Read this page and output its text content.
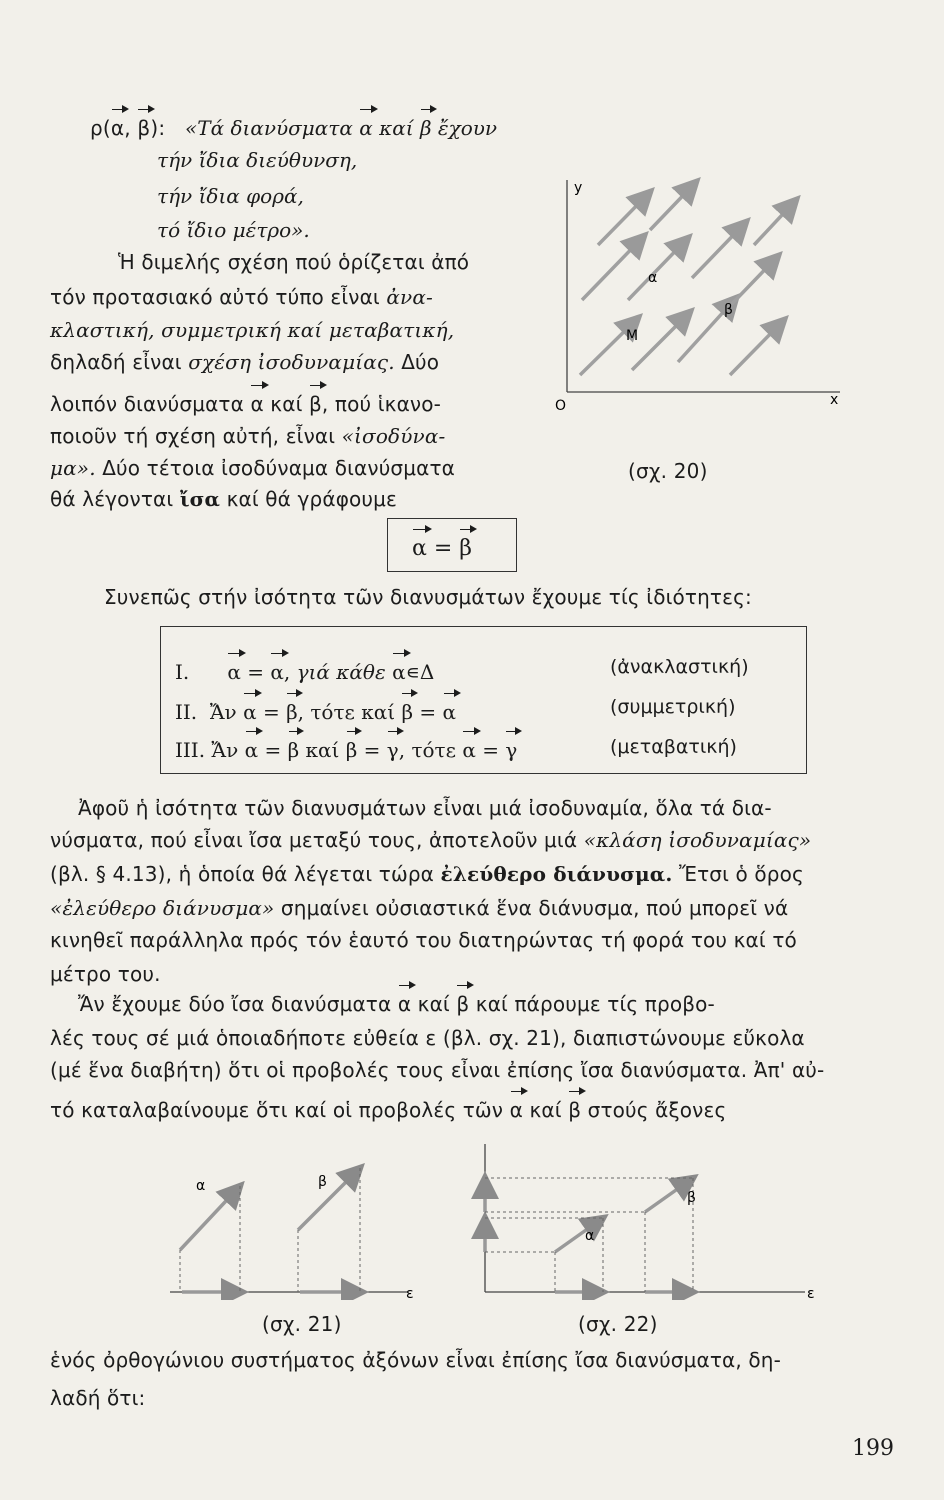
ρ(α, β): «Τά διανύσματα α καί β ἔχουν
τήν ἴδια διεύθυνση,
τήν ἴδια φορά,
τό ἴδιο μέτρο».
Ἡ διμελής σχέση πού ὁρίζεται ἀπό
τόν προτασιακό αὐτό τύπο εἶναι ἀνα-
κλαστική, συμμετρική καί μεταβατική,
δηλαδή εἶναι σχέση ἰσοδυναμίας. Δύο
λοιπόν διανύσματα α καί β, πού ἱκανο-
ποιοῦν τή σχέση αὐτή, εἶναι «ἰσοδύνα-
μα». Δύο τέτοια ἰσοδύναμα διανύσματα
θά λέγονται ἴσα καί θά γράφουμε
α = β
y
x
O
M
α
β
(σχ. 20)
Συνεπῶς στήν ἰσότητα τῶν διανυσμάτων ἔχουμε τίς ἰδιότητες:
I.      α = α, γιά κάθε α∊Δ	(ἀνακλαστική)
II.  Ἄν α = β, τότε καί β = α	(συμμετρική)
III. Ἄν α = β καί β = γ, τότε α = γ	(μεταβατική)
Ἀφοῦ ἡ ἰσότητα τῶν διανυσμάτων εἶναι μιά ἰσοδυναμία, ὅλα τά δια-
νύσματα, πού εἶναι ἴσα μεταξύ τους, ἀποτελοῦν μιά «κλάση ἰσοδυναμίας»
(βλ. § 4.13), ἡ ὁποία θά λέγεται τώρα ἐλεύθερο διάνυσμα. Ἔτσι ὁ ὅρος
«ἐλεύθερο διάνυσμα» σημαίνει οὐσιαστικά ἕνα διάνυσμα, πού μπορεῖ νά
κινηθεῖ παράλληλα πρός τόν ἑαυτό του διατηρώντας τή φορά του καί τό
μέτρο του.
Ἄν ἔχουμε δύο ἴσα διανύσματα α καί β καί πάρουμε τίς προβο-
λές τους σέ μιά ὁποιαδήποτε εὐθεία ε (βλ. σχ. 21), διαπιστώνουμε εὔκολα
(μέ ἕνα διαβήτη) ὅτι οἱ προβολές τους εἶναι ἐπίσης ἴσα διανύσματα. Ἀπ' αὐ-
τό καταλαβαίνουμε ὅτι καί οἱ προβολές τῶν α καί β στούς ἄξονες
α	β
ε
(σχ. 21)
α
β
ε
(σχ. 22)
ἑνός ὀρθογώνιου συστήματος ἀξόνων εἶναι ἐπίσης ἴσα διανύσματα, δη-
λαδή ὅτι:
199
